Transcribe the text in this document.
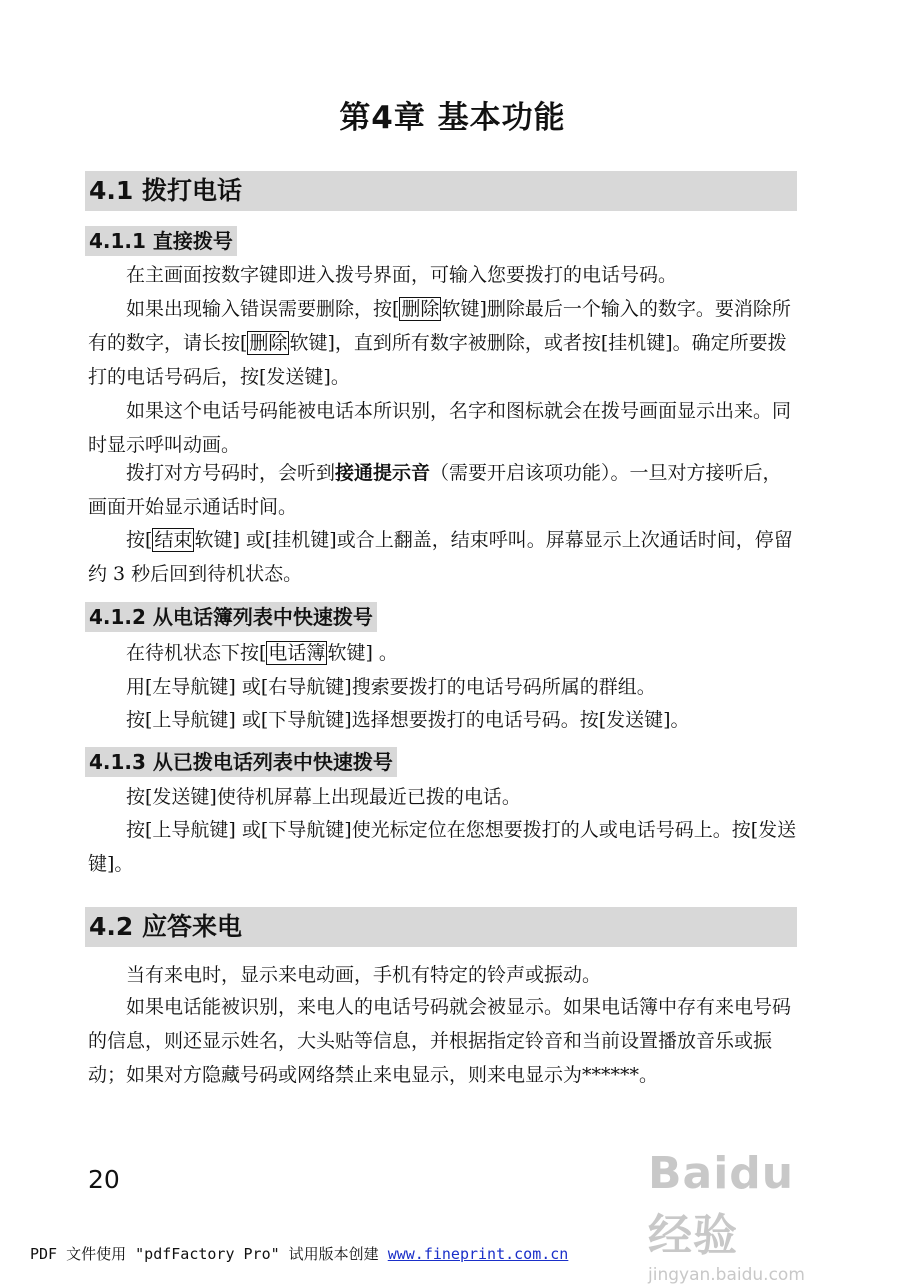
第4章 基本功能
4.1 拨打电话
4.1.1 直接拨号

在主画面按数字键即进入拨号界面，可输入您要拨打的电话号码。

如果出现输入错误需要删除，按[ 删除 软键]删除最后一个输入的数字。要消除所有的数字，请长按[ 删除 软键]，直到所有数字被删除，或者按[挂机键]。确定所要拨打的电话号码后，按[发送键]。

如果这个电话号码能被电话本所识别，名字和图标就会在拨号画面显示出来。同时显示呼叫动画。

拨打对方号码时，会听到接通提示音（需要开启该项功能）。一旦对方接听后，画面开始显示通话时间。

按[ 结束 软键] 或[挂机键]或合上翻盖，结束呼叫。屏幕显示上次通话时间，停留约 3 秒后回到待机状态。

4.1.2 从电话簿列表中快速拨号

在待机状态下按[ 电话簿 软键] 。

用[左导航键] 或[右导航键]搜索要拨打的电话号码所属的群组。

按[上导航键] 或[下导航键]选择想要拨打的电话号码。按[发送键]。

4.1.3 从已拨电话列表中快速拨号

按[发送键]使待机屏幕上出现最近已拨的电话。

按[上导航键] 或[下导航键]使光标定位在您想要拨打的人或电话号码上。按[发送键]。

4.2 应答来电

当有来电时，显示来电动画，手机有特定的铃声或振动。

如果电话能被识别，来电人的电话号码就会被显示。如果电话簿中存有来电号码的信息，则还显示姓名，大头贴等信息，并根据指定铃音和当前设置播放音乐或振动；如果对方隐藏号码或网络禁止来电显示，则来电显示为******。

20	Baidu 经验
jingyan.baidu.com
PDF 文件使用 "pdfFactory Pro" 试用版本创建 www.fineprint.com.cn
